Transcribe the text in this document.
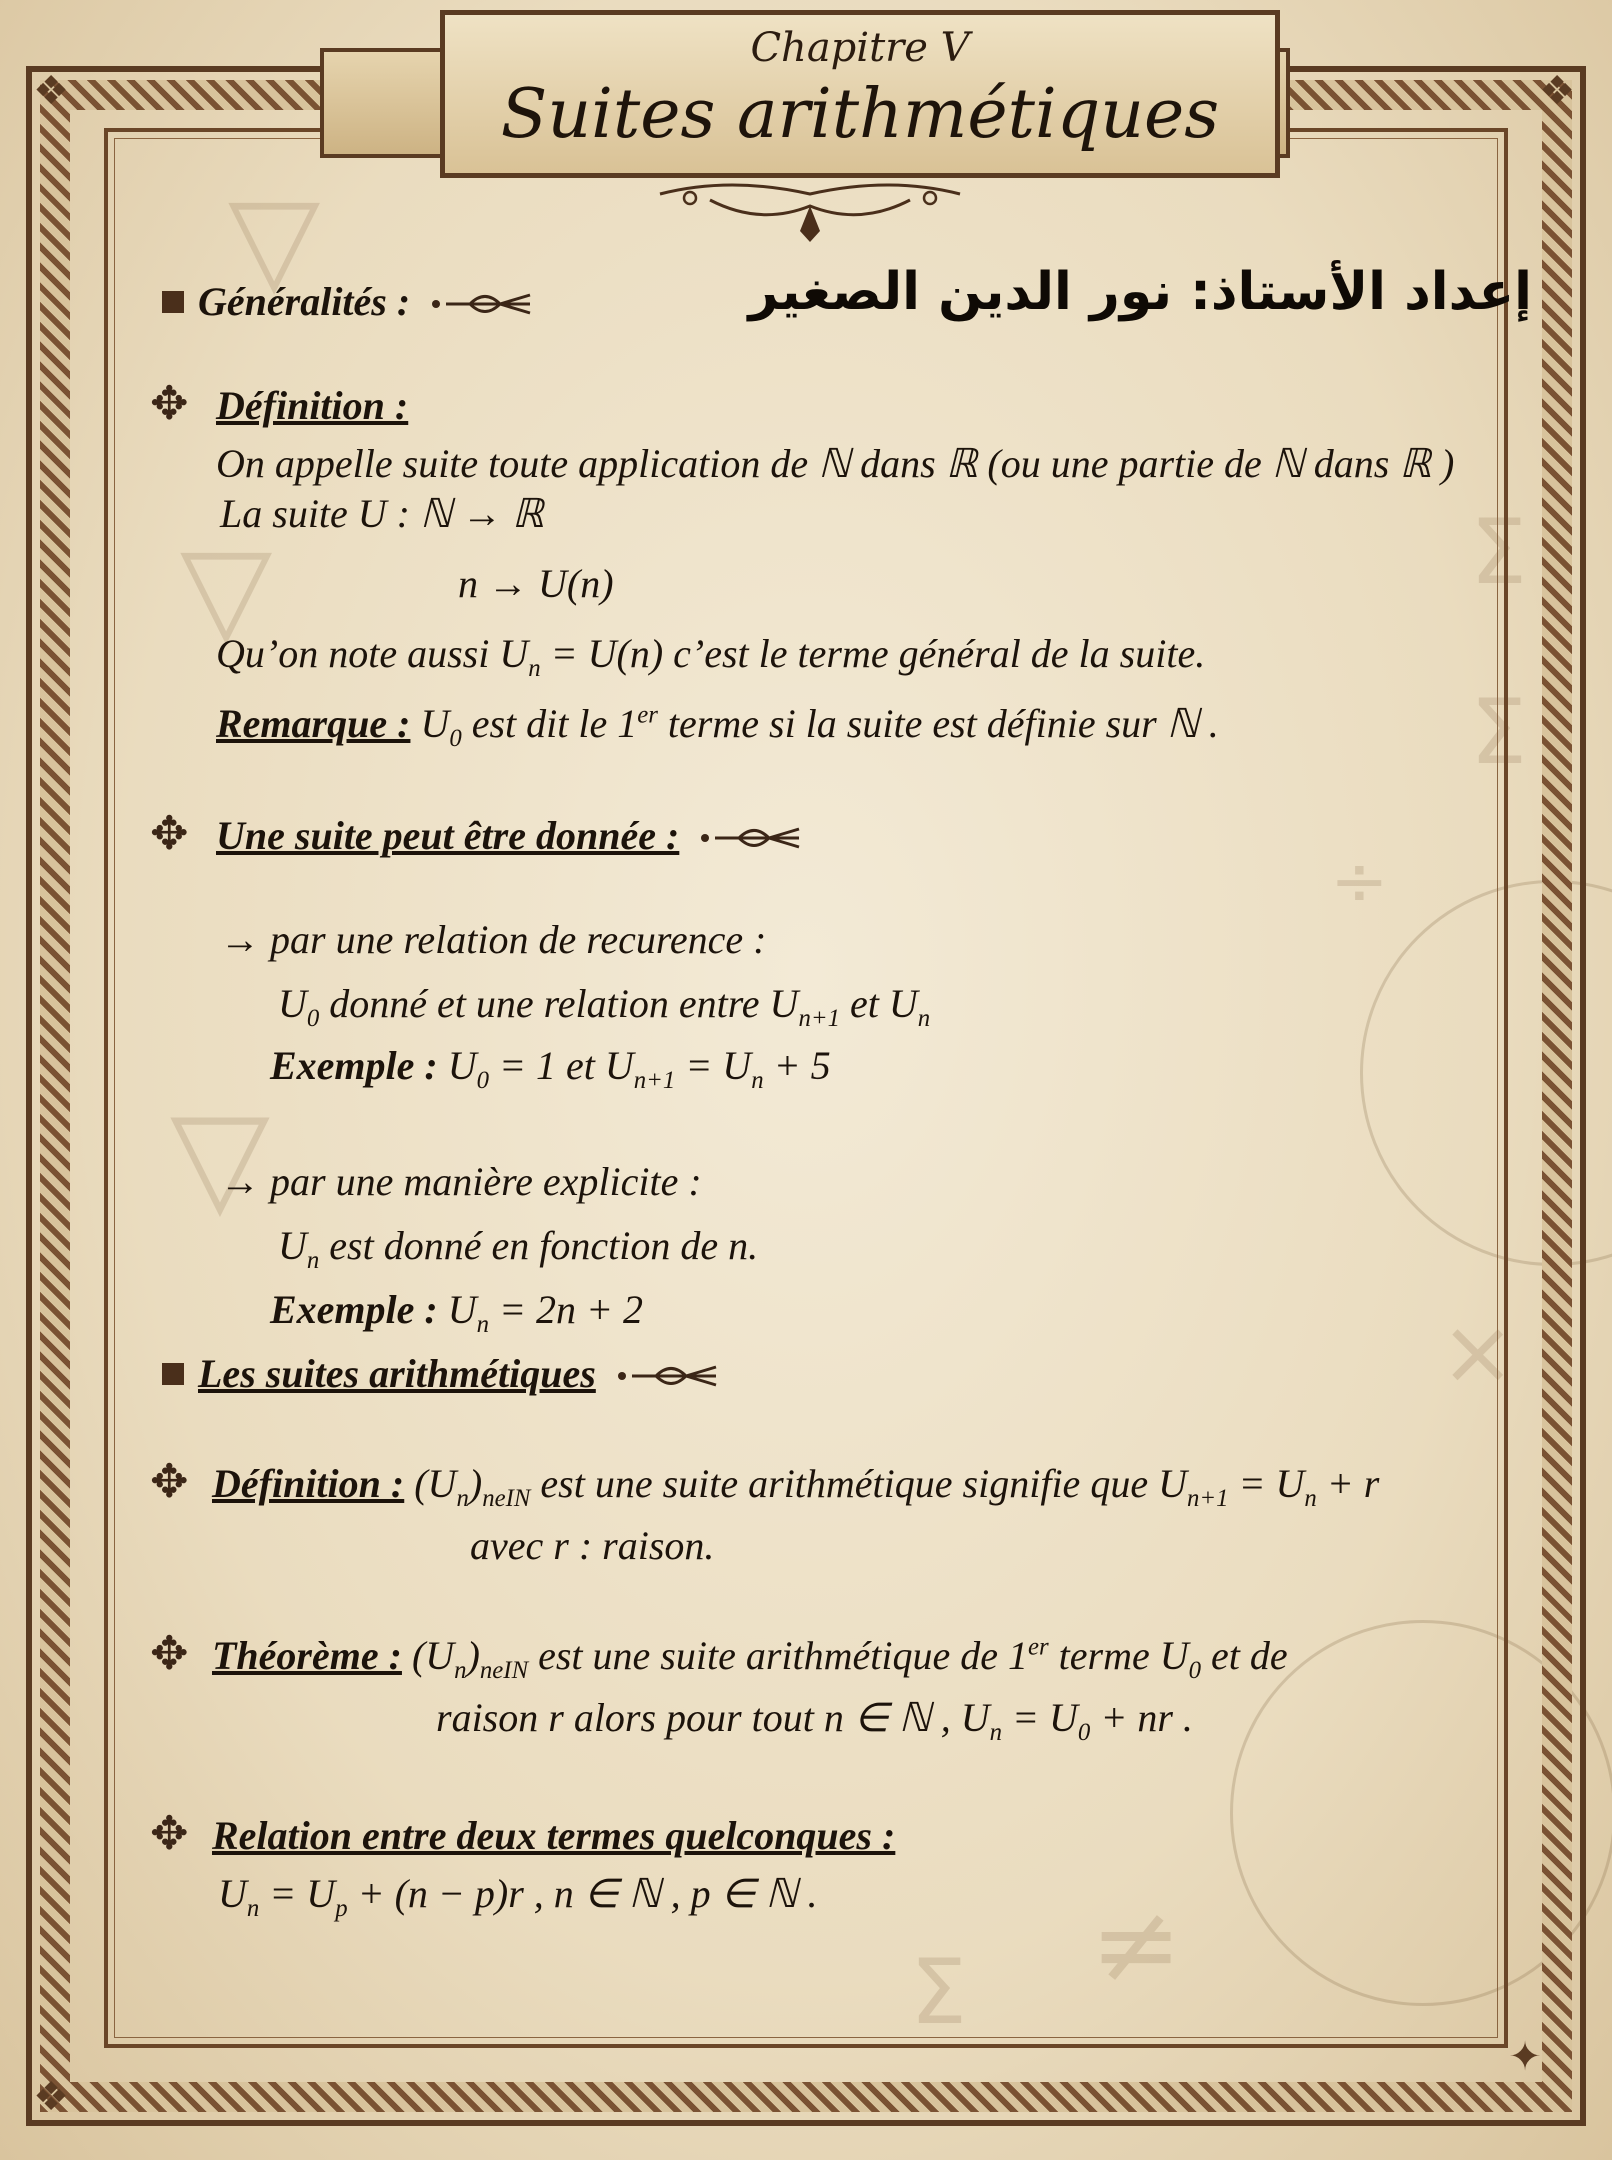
▽
▽
▽
Σ
Σ
Σ ≠
×
÷
❖	❖
❖
✦
Chapitre V
Suites arithmétiques
إعداد الأستاذ: نور الدين الصغير
Généralités :
✥ Définition :
On appelle suite toute application de ℕ dans ℝ (ou une partie de ℕ dans ℝ )
La suite U : ℕ → ℝ
n → U(n)
Qu’on note aussi $U_n = U(n)$ c’est le terme général de la suite.
Remarque : $U_0$ est dit le 1er terme si la suite est définie sur ℕ .
✥ Une suite peut être donnée :
→ par une relation de recurence :
$U_0$ donné et une relation entre $U_{n+1}$ et $U_n$
Exemple : $U_0 = 1$ et $U_{n+1} = U_n + 5$
→ par une manière explicite :
$U_n$ est donné en fonction de n.
Exemple : $U_n = 2n + 2$
Les suites arithmétiques
✥ Définition : $(U_n)_{neIN}$ est une suite arithmétique signifie que $U_{n+1} = U_n + r$
avec r : raison.
✥ Théorème : $(U_n)_{neIN}$ est une suite arithmétique de 1er terme $U_0$ et de
raison r alors pour tout n ∈ ℕ , $U_n = U_0$ + nr .
✥ Relation entre deux termes quelconques :
$U_n = U_p + (n - p)r$ , n ∈ ℕ , p ∈ ℕ .
